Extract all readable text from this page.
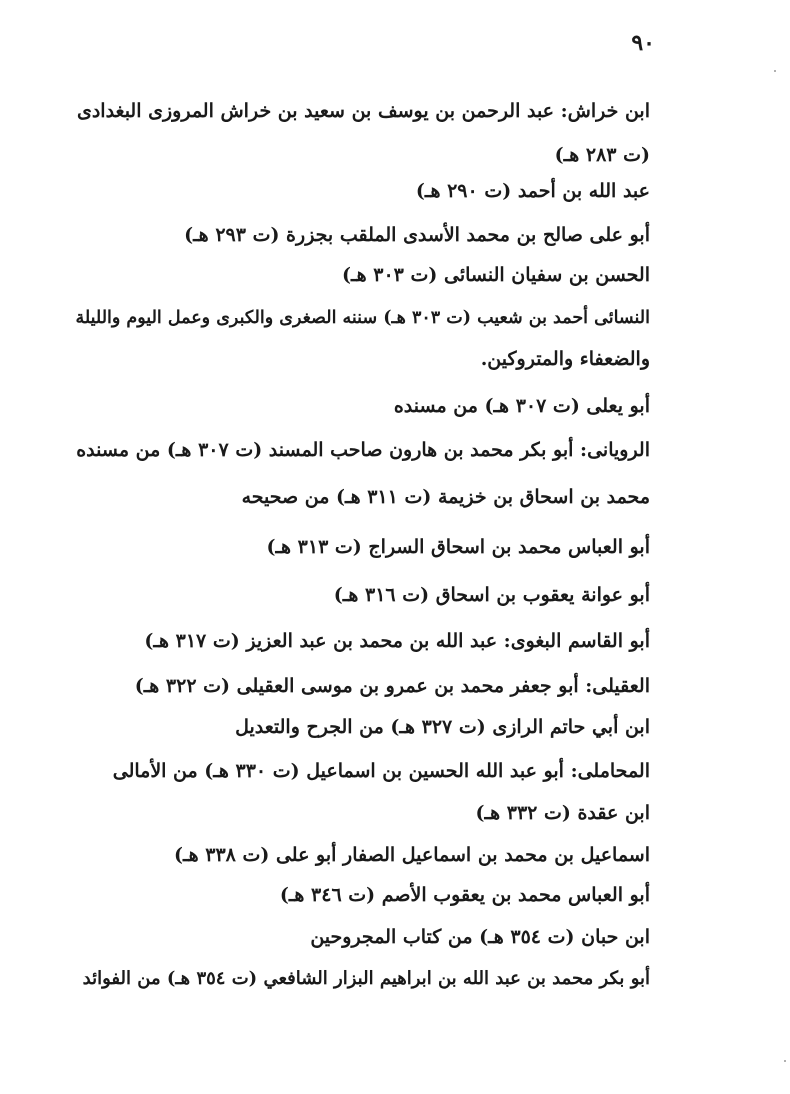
٩٠
ابن خراش: عبد الرحمن بن يوسف بن سعيد بن خراش المروزى البغدادى
(ت ٢٨٣ هـ)
عبد الله بن أحمد (ت ٢٩٠ هـ)
أبو على صالح بن محمد الأسدى الملقب بجزرة (ت ٢٩٣ هـ)
الحسن بن سفيان النسائى (ت ٣٠٣ هـ)
النسائى أحمد بن شعيب (ت ٣٠٣ هـ) سننه الصغرى والكبرى وعمل اليوم والليلة
والضعفاء والمتروكين.
أبو يعلى (ت ٣٠٧ هـ) من مسنده
الرويانى: أبو بكر محمد بن هارون صاحب المسند (ت ٣٠٧ هـ) من مسنده
محمد بن اسحاق بن خزيمة (ت ٣١١ هـ) من صحيحه
أبو العباس محمد بن اسحاق السراج (ت ٣١٣ هـ)
أبو عوانة يعقوب بن اسحاق (ت ٣١٦ هـ)
أبو القاسم البغوى: عبد الله بن محمد بن عبد العزيز (ت ٣١٧ هـ)
العقيلى: أبو جعفر محمد بن عمرو بن موسى العقيلى (ت ٣٢٢ هـ)
ابن أبي حاتم الرازى (ت ٣٢٧ هـ) من الجرح والتعديل
المحاملى: أبو عبد الله الحسين بن اسماعيل (ت ٣٣٠ هـ) من الأمالى
ابن عقدة (ت ٣٣٢ هـ)
اسماعيل بن محمد بن اسماعيل الصفار أبو على (ت ٣٣٨ هـ)
أبو العباس محمد بن يعقوب الأصم (ت ٣٤٦ هـ)
ابن حبان (ت ٣٥٤ هـ) من كتاب المجروحين
أبو بكر محمد بن عبد الله بن ابراهيم البزار الشافعي (ت ٣٥٤ هـ) من الفوائد
